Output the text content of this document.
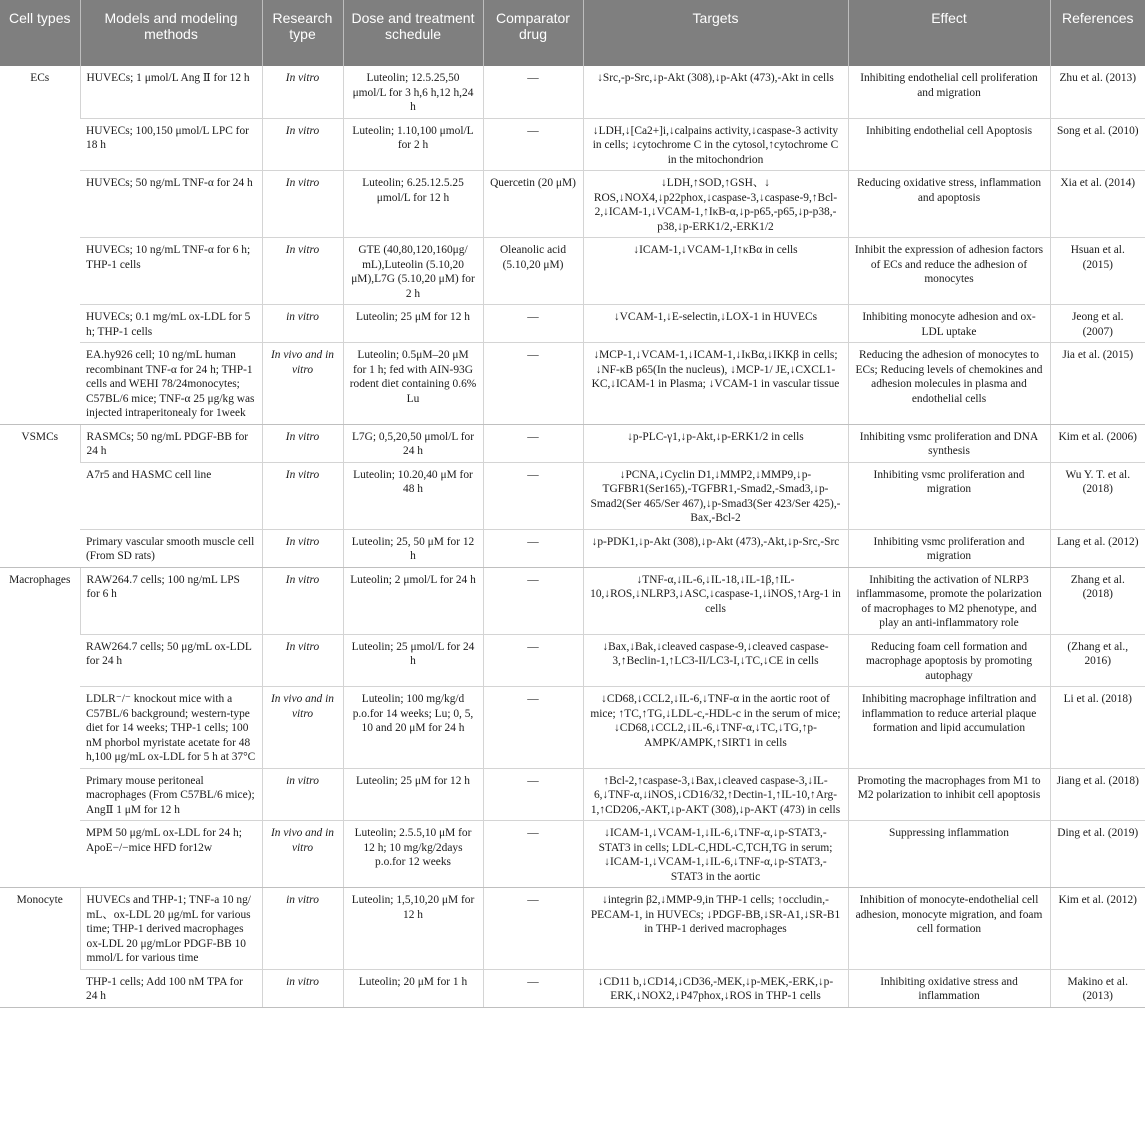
Cell types	Models and modeling methods	Research type	Dose and treatment schedule	Comparator drug	Targets	Effect	References
ECs	HUVECs; 1 μmol/L Ang Ⅱ for 12 h	In vitro	Luteolin; 12.5.25,50 μmol/L for 3 h,6 h,12 h,24 h	—	↓Src,-p-Src,↓p-Akt (308),↓p-Akt (473),-Akt in cells	Inhibiting endothelial cell proliferation and migration	Zhu et al. (2013)
	HUVECs; 100,150 μmol/L LPC for 18 h	In vitro	Luteolin; 1.10,100 μmol/L for 2 h	—	↓LDH,↓[Ca2+]i,↓calpains activity,↓caspase-3 activity in cells; ↓cytochrome C in the cytosol,↑cytochrome C in the mitochondrion	Inhibiting endothelial cell Apoptosis	Song et al. (2010)
	HUVECs; 50 ng/mL TNF-α for 24 h	In vitro	Luteolin; 6.25.12.5.25 μmol/L for 12 h	Quercetin (20 μM)	↓LDH,↑SOD,↑GSH、↓ ROS,↓NOX4,↓p22phox,↓caspase-3,↓caspase-9,↑Bcl-2,↓ICAM-1,↓VCAM-1,↑IκB-α,↓p-p65,-p65,↓p-p38,-p38,↓p-ERK1/2,-ERK1/2	Reducing oxidative stress, inflammation and apoptosis	Xia et al. (2014)
	HUVECs; 10 ng/mL TNF-α for 6 h; THP-1 cells	In vitro	GTE (40,80,120,160μg/ mL),Luteolin (5.10,20 μM),L7G (5.10,20 μM) for 2 h	Oleanolic acid (5.10,20 μM)	↓ICAM-1,↓VCAM-1,I↑κBα in cells	Inhibit the expression of adhesion factors of ECs and reduce the adhesion of monocytes	Hsuan et al. (2015)
	HUVECs; 0.1 mg/mL ox-LDL for 5 h; THP-1 cells	in vitro	Luteolin; 25 μM for 12 h	—	↓VCAM-1,↓E-selectin,↓LOX-1 in HUVECs	Inhibiting monocyte adhesion and ox-LDL uptake	Jeong et al. (2007)
	EA.hy926 cell; 10 ng/mL human recombinant TNF-α for 24 h; THP-1 cells and WEHI 78/24monocytes; C57BL/6 mice; TNF-α 25 μg/kg was injected intraperitonealy for 1week	In vivo and in vitro	Luteolin; 0.5μM–20 μM for 1 h; fed with AIN-93G rodent diet containing 0.6% Lu	—	↓MCP-1,↓VCAM-1,↓ICAM-1,↓IκBα,↓IKKβ in cells; ↓NF-κB p65(In the nucleus), ↓MCP-1/ JE,↓CXCL1-KC,↓ICAM-1 in Plasma; ↓VCAM-1 in vascular tissue	Reducing the adhesion of monocytes to ECs; Reducing levels of chemokines and adhesion molecules in plasma and endothelial cells	Jia et al. (2015)
VSMCs	RASMCs; 50 ng/mL PDGF-BB for 24 h	In vitro	L7G; 0,5,20,50 μmol/L for 24 h	—	↓p-PLC-γ1,↓p-Akt,↓p-ERK1/2 in cells	Inhibiting vsmc proliferation and DNA synthesis	Kim et al. (2006)
	A7r5 and HASMC cell line	In vitro	Luteolin; 10.20,40 μM for 48 h	—	↓PCNA,↓Cyclin D1,↓MMP2,↓MMP9,↓p-TGFBR1(Ser165),-TGFBR1,-Smad2,-Smad3,↓p-Smad2(Ser 465/Ser 467),↓p-Smad3(Ser 423/Ser 425),-Bax,-Bcl-2	Inhibiting vsmc proliferation and migration	Wu Y. T. et al. (2018)
	Primary vascular smooth muscle cell (From SD rats)	In vitro	Luteolin; 25, 50 μM for 12 h	—	↓p-PDK1,↓p-Akt (308),↓p-Akt (473),-Akt,↓p-Src,-Src	Inhibiting vsmc proliferation and migration	Lang et al. (2012)
Macrophages	RAW264.7 cells; 100 ng/mL LPS for 6 h	In vitro	Luteolin; 2 μmol/L for 24 h	—	↓TNF-α,↓IL-6,↓IL-18,↓IL-1β,↑IL-10,↓ROS,↓NLRP3,↓ASC,↓caspase-1,↓iNOS,↑Arg-1 in cells	Inhibiting the activation of NLRP3 inflammasome, promote the polarization of macrophages to M2 phenotype, and play an anti-inflammatory role	Zhang et al. (2018)
	RAW264.7 cells; 50 μg/mL ox-LDL for 24 h	In vitro	Luteolin; 25 μmol/L for 24 h	—	↓Bax,↓Bak,↓cleaved caspase-9,↓cleaved caspase-3,↑Beclin-1,↑LC3-II/LC3-I,↓TC,↓CE in cells	Reducing foam cell formation and macrophage apoptosis by promoting autophagy	(Zhang et al., 2016)
	LDLR⁻/⁻ knockout mice with a C57BL/6 background; western-type diet for 14 weeks; THP-1 cells; 100 nM phorbol myristate acetate for 48 h,100 μg/mL ox-LDL for 5 h at 37°C	In vivo and in vitro	Luteolin; 100 mg/kg/d p.o.for 14 weeks; Lu; 0, 5, 10 and 20 μM for 24 h	—	↓CD68,↓CCL2,↓IL-6,↓TNF-α in the aortic root of mice; ↑TC,↑TG,↓LDL-c,-HDL-c in the serum of mice; ↓CD68,↓CCL2,↓IL-6,↓TNF-α,↓TC,↓TG,↑p-AMPK/AMPK,↑SIRT1 in cells	Inhibiting macrophage infiltration and inflammation to reduce arterial plaque formation and lipid accumulation	Li et al. (2018)
	Primary mouse peritoneal macrophages (From C57BL/6 mice); AngⅡ 1 μM for 12 h	in vitro	Luteolin; 25 μM for 12 h	—	↑Bcl-2,↑caspase-3,↓Bax,↓cleaved caspase-3,↓IL-6,↓TNF-α,↓iNOS,↓CD16/32,↑Dectin-1,↑IL-10,↑Arg-1,↑CD206,-AKT,↓p-AKT (308),↓p-AKT (473) in cells	Promoting the macrophages from M1 to M2 polarization to inhibit cell apoptosis	Jiang et al. (2018)
	MPM 50 μg/mL ox-LDL for 24 h; ApoE−/−mice HFD for12w	In vivo and in vitro	Luteolin; 2.5.5,10 μM for 12 h; 10 mg/kg/2days p.o.for 12 weeks	—	↓ICAM-1,↓VCAM-1,↓IL-6,↓TNF-α,↓p-STAT3,-STAT3 in cells; LDL-C,HDL-C,TCH,TG in serum; ↓ICAM-1,↓VCAM-1,↓IL-6,↓TNF-α,↓p-STAT3,-STAT3 in the aortic	Suppressing inflammation	Ding et al. (2019)
Monocyte	HUVECs and THP-1; TNF-a 10 ng/ mL、ox-LDL 20 μg/mL for various time; THP-1 derived macrophages ox-LDL 20 μg/mLor PDGF-BB 10 mmol/L for various time	in vitro	Luteolin; 1,5,10,20 μM for 12 h	—	↓integrin β2,↓MMP-9,in THP-1 cells; ↑occludin,-PECAM-1, in HUVECs; ↓PDGF-BB,↓SR-A1,↓SR-B1 in THP-1 derived macrophages	Inhibition of monocyte-endothelial cell adhesion, monocyte migration, and foam cell formation	Kim et al. (2012)
	THP-1 cells; Add 100 nM TPA for 24 h	in vitro	Luteolin; 20 μM for 1 h	—	↓CD11 b,↓CD14,↓CD36,-MEK,↓p-MEK,-ERK,↓p-ERK,↓NOX2,↓P47phox,↓ROS in THP-1 cells	Inhibiting oxidative stress and inflammation	Makino et al. (2013)
